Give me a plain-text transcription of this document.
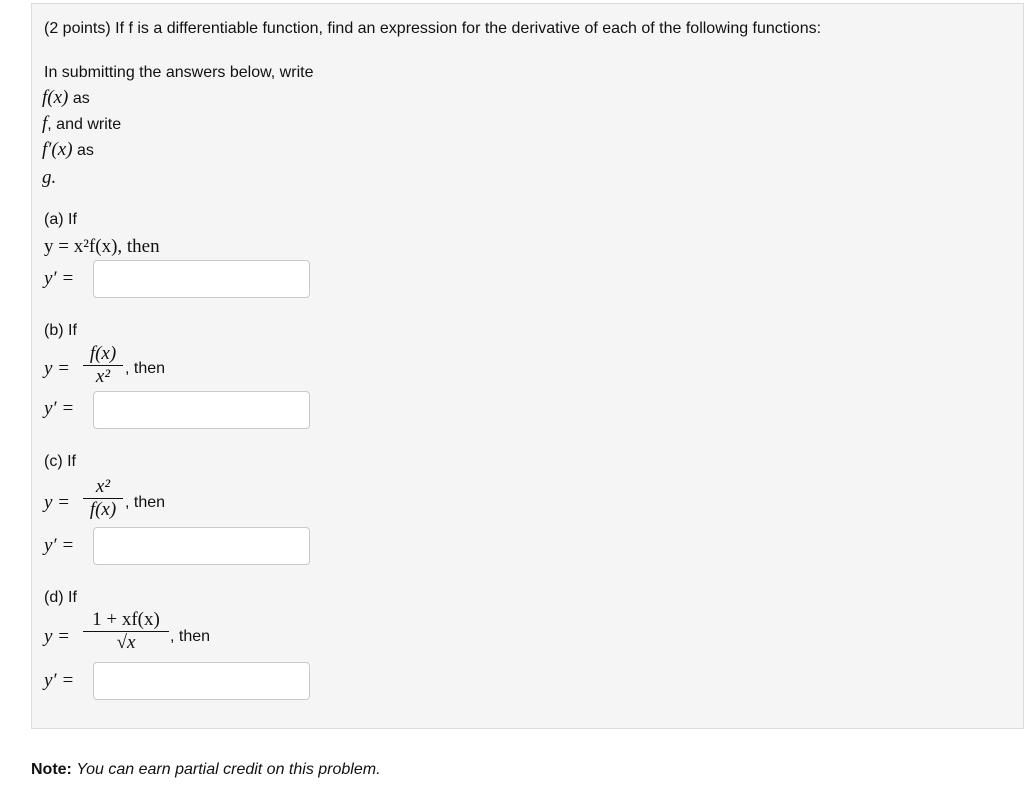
(2 points) If f is a differentiable function, find an expression for the derivative of each of the following functions:
In submitting the answers below, write
f(x) as
f, and write
f′(x) as
g.
(a) If
y = x²f(x), then
y′ =
(b) If
y =
f(x)
x² , then
y′ =
(c) If
y =
x²
f(x) , then
y′ =
(d) If
y =
1 + xf(x)
√x	, then
y′ =
Note: You can earn partial credit on this problem.
